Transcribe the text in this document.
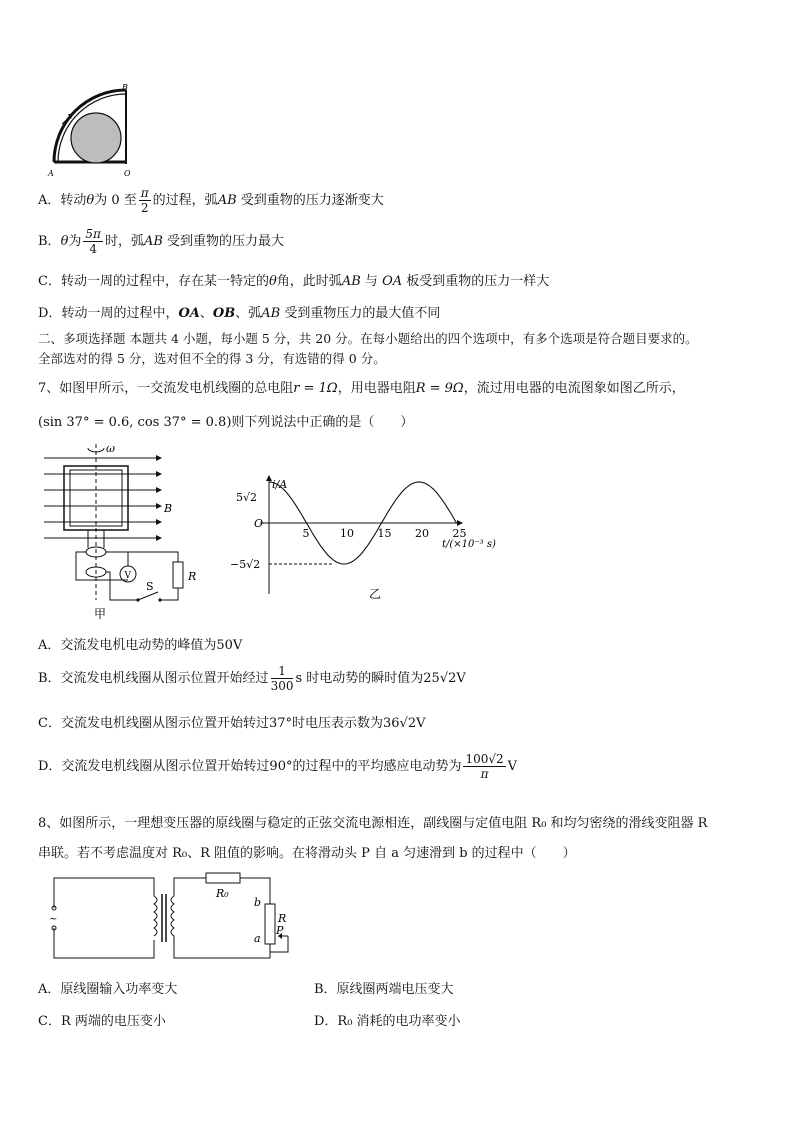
B
A	O
A．转动θ为 0 至 $\frac{\pi}{2}$ 的过程，弧AB 受到重物的压力逐渐变大
B．θ为 $\frac{5\pi}{4}$ 时，弧AB 受到重物的压力最大
C．转动一周的过程中，存在某一特定的θ角，此时弧AB 与 OA 板受到重物的压力一样大
D．转动一周的过程中，OA、OB、弧AB 受到重物压力的最大值不同
二、多项选择题 本题共 4 小题，每小题 5 分，共 20 分。在每小题给出的四个选项中，有多个选项是符合题目要求的。
全部选对的得 5 分，选对但不全的得 3 分，有选错的得 0 分。
7、如图甲所示，一交流发电机线圈的总电阻r = 1Ω，用电器电阻R = 9Ω，流过用电器的电流图象如图乙所示，
(sin 37° = 0.6, cos 37° = 0.8)则下列说法中正确的是（　　）
ω
B
V
S
R
甲
i/A
5√2
−5√2
O
t/(×10⁻³ s)
5	10 15 20 25
乙
A．交流发电机电动势的峰值为50V
B．交流发电机线圈从图示位置开始经过 $\frac{1}{300}$ s 时电动势的瞬时值为25√2V
C．交流发电机线圈从图示位置开始转过37°时电压表示数为36√2V
D．交流发电机线圈从图示位置开始转过90°的过程中的平均感应电动势为 $\frac{100√2}{\pi}$ V
8、如图所示，一理想变压器的原线圈与稳定的正弦交流电源相连，副线圈与定值电阻 R₀ 和均匀密绕的滑线变阻器 R
串联。若不考虑温度对 R₀、R 阻值的影响。在将滑动头 P 自 a 匀速滑到 b 的过程中（　　）
~
R₀
b
R
a
P
A．原线圈输入功率变大	B．原线圈两端电压变大
C．R 两端的电压变小	D．R₀ 消耗的电功率变小
